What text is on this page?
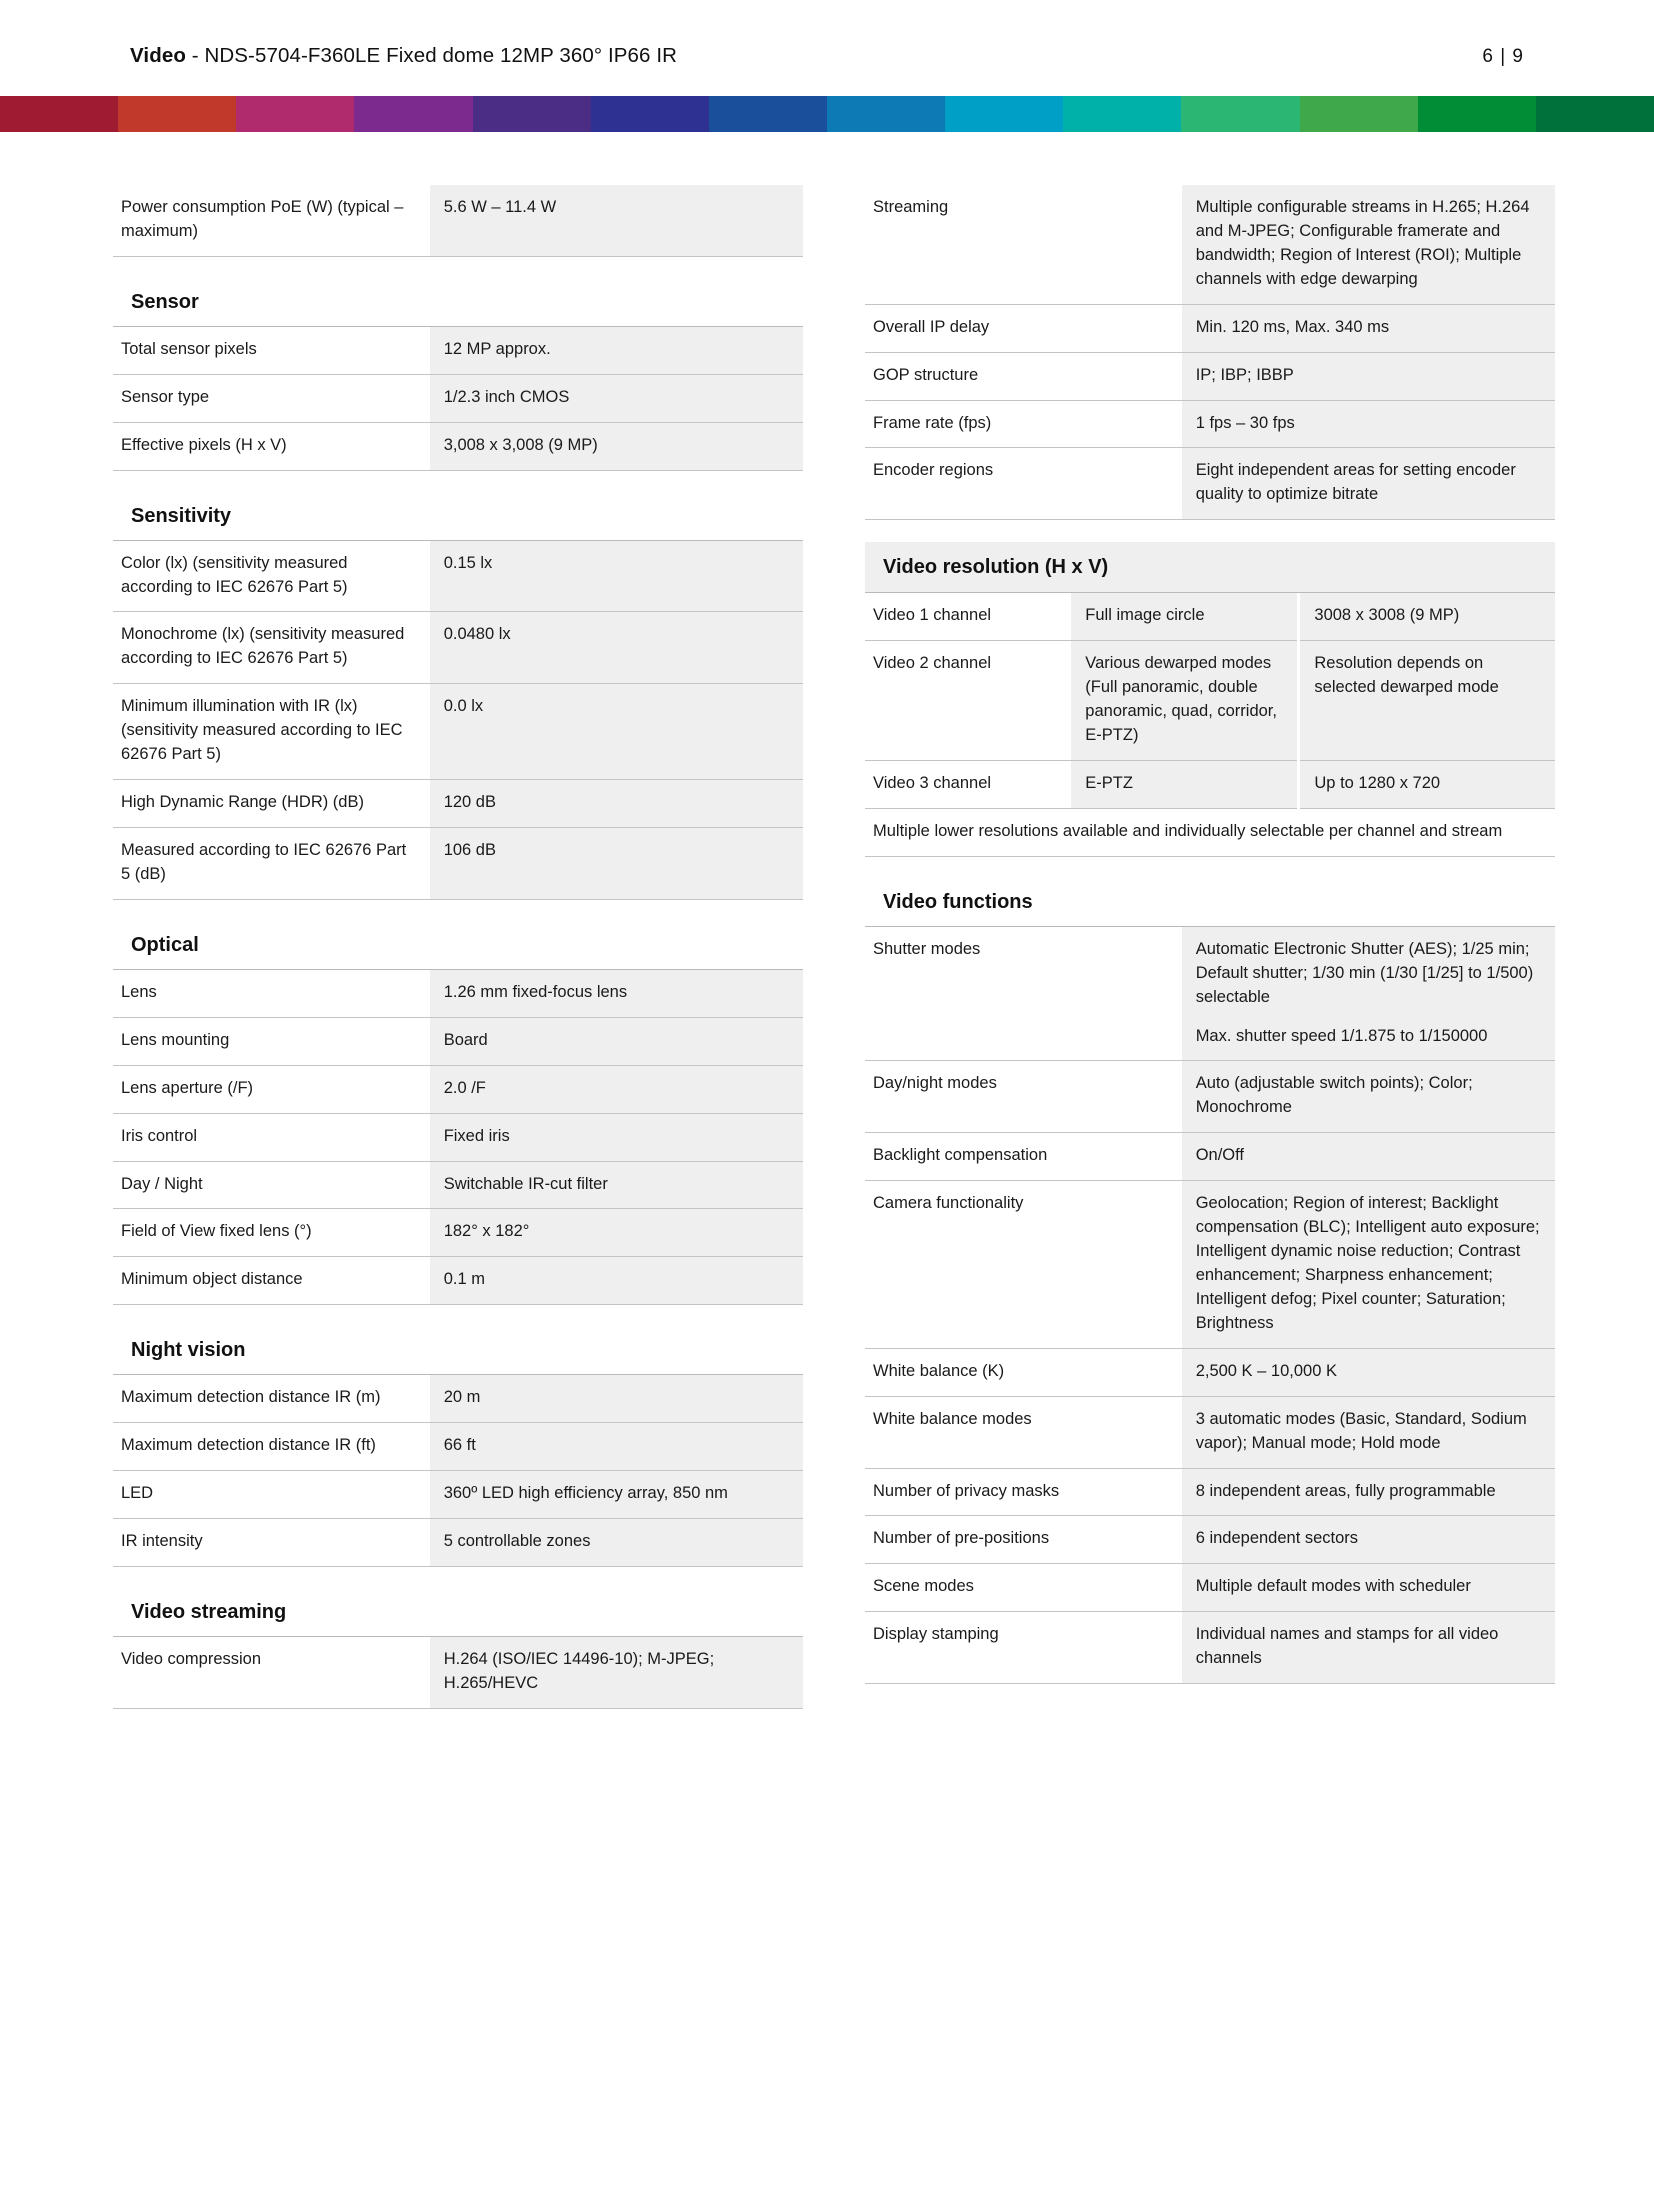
Video - NDS-5704-F360LE Fixed dome 12MP 360° IP66 IR	6 | 9
Power consumption PoE (W) (typical – maximum)	5.6 W – 11.4 W
Sensor
Total sensor pixels	12 MP approx.
Sensor type	1/2.3 inch CMOS
Effective pixels (H x V)	3,008 x 3,008 (9 MP)
Sensitivity
Color (lx) (sensitivity measured according to IEC 62676 Part 5)	0.15 lx
Monochrome (lx) (sensitivity measured according to IEC 62676 Part 5)	0.0480 lx
Minimum illumination with IR (lx) (sensitivity measured according to IEC 62676 Part 5)	0.0 lx
High Dynamic Range (HDR) (dB)	120 dB
Measured according to IEC 62676 Part 5 (dB)	106 dB
Optical
Lens	1.26 mm fixed-focus lens
Lens mounting	Board
Lens aperture (/F)	2.0 /F
Iris control	Fixed iris
Day / Night	Switchable IR-cut filter
Field of View fixed lens (°)	182° x 182°
Minimum object distance	0.1 m
Night vision
Maximum detection distance IR (m)	20 m
Maximum detection distance IR (ft)	66 ft
LED	360º LED high efficiency array, 850 nm
IR intensity	5 controllable zones
Video streaming
Video compression	H.264 (ISO/IEC 14496-10); M-JPEG; H.265/HEVC
Streaming	Multiple configurable streams in H.265; H.264 and M-JPEG; Configurable framerate and bandwidth; Region of Interest (ROI); Multiple channels with edge dewarping
Overall IP delay	Min. 120 ms, Max. 340 ms
GOP structure	IP; IBP; IBBP
Frame rate (fps)	1 fps – 30 fps
Encoder regions	Eight independent areas for setting encoder quality to optimize bitrate
Video resolution (H x V)
Video 1 channel	Full image circle	3008 x 3008 (9 MP)
Video 2 channel	Various dewarped modes (Full panoramic, double panoramic, quad, corridor, E-PTZ)	Resolution depends on selected dewarped mode
Video 3 channel	E-PTZ	Up to 1280 x 720
Multiple lower resolutions available and individually selectable per channel and stream		
Video functions
Shutter modes	Automatic Electronic Shutter (AES); 1/25 min; Default shutter; 1/30 min (1/30 [1/25] to 1/500) selectable

Max. shutter speed 1/1.875 to 1/150000

Day/night modes	Auto (adjustable switch points); Color; Monochrome
Backlight compensation	On/Off
Camera functionality	Geolocation; Region of interest; Backlight compensation (BLC); Intelligent auto exposure; Intelligent dynamic noise reduction; Contrast enhancement; Sharpness enhancement; Intelligent defog; Pixel counter; Saturation; Brightness
White balance (K)	2,500 K – 10,000 K
White balance modes	3 automatic modes (Basic, Standard, Sodium vapor); Manual mode; Hold mode
Number of privacy masks	8 independent areas, fully programmable
Number of pre-positions	6 independent sectors
Scene modes	Multiple default modes with scheduler
Display stamping	Individual names and stamps for all video channels
